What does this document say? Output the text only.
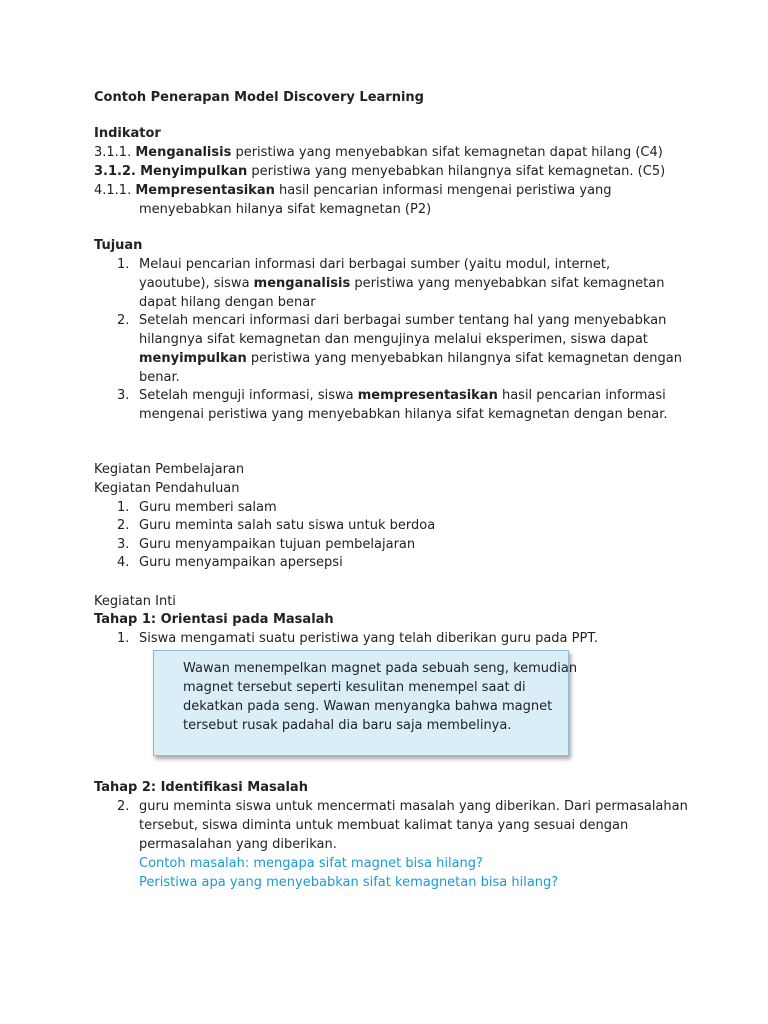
Contoh Penerapan Model Discovery Learning
Indikator
3.1.1. Menganalisis peristiwa yang menyebabkan sifat kemagnetan dapat hilang (C4)
3.1.2. Menyimpulkan peristiwa yang menyebabkan hilangnya sifat kemagnetan. (C5)
4.1.1. Mempresentasikan hasil pencarian informasi mengenai peristiwa yang
menyebabkan hilanya sifat kemagnetan (P2)
Tujuan
1. Melaui pencarian informasi dari berbagai sumber (yaitu modul, internet,
yaoutube), siswa menganalisis peristiwa yang menyebabkan sifat kemagnetan
dapat hilang dengan benar
2. Setelah mencari informasi dari berbagai sumber tentang hal yang menyebabkan
hilangnya sifat kemagnetan dan mengujinya melalui eksperimen, siswa dapat
menyimpulkan peristiwa yang menyebabkan hilangnya sifat kemagnetan dengan
benar.
3. Setelah menguji informasi, siswa mempresentasikan hasil pencarian informasi
mengenai peristiwa yang menyebabkan hilanya sifat kemagnetan dengan benar.
Kegiatan Pembelajaran
Kegiatan Pendahuluan
1. Guru memberi salam
2. Guru meminta salah satu siswa untuk berdoa
3. Guru menyampaikan tujuan pembelajaran
4. Guru menyampaikan apersepsi
Kegiatan Inti
Tahap 1: Orientasi pada Masalah
1. Siswa mengamati suatu peristiwa yang telah diberikan guru pada PPT.
Wawan menempelkan magnet pada sebuah seng, kemudian
magnet tersebut seperti kesulitan menempel saat di
dekatkan pada seng. Wawan menyangka bahwa magnet
tersebut rusak padahal dia baru saja membelinya.
Tahap 2: Identifikasi Masalah
2. guru meminta siswa untuk mencermati masalah yang diberikan. Dari permasalahan
tersebut, siswa diminta untuk membuat kalimat tanya yang sesuai dengan
permasalahan yang diberikan.
Contoh masalah: mengapa sifat magnet bisa hilang?
Peristiwa apa yang menyebabkan sifat kemagnetan bisa hilang?
